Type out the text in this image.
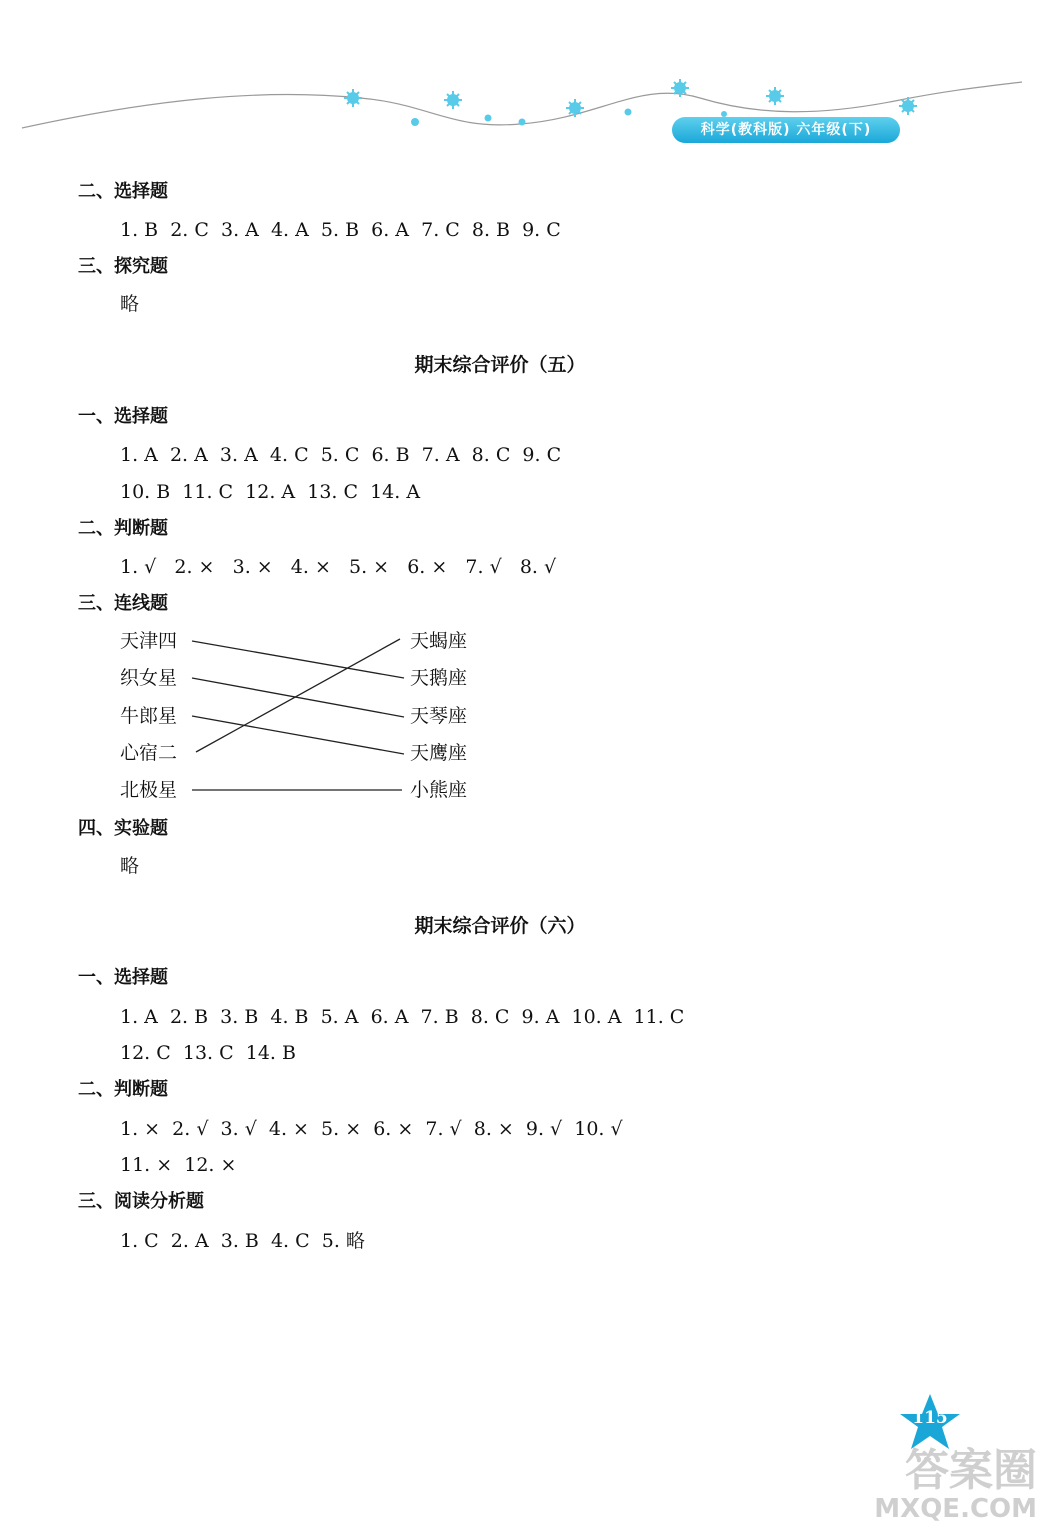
科学(教科版) 六年级(下)
二、选择题
1. B  2. C  3. A  4. A  5. B  6. A  7. C  8. B  9. C
三、探究题
略
期末综合评价（五）
一、选择题
1. A  2. A  3. A  4. C  5. C  6. B  7. A  8. C  9. C
10. B  11. C  12. A  13. C  14. A
二、判断题
1. √   2. ×   3. ×   4. ×   5. ×   6. ×   7. √   8. √
三、连线题
天津四
织女星
牛郎星
心宿二
北极星
天蝎座
天鹅座
天琴座
天鹰座
小熊座
四、实验题
略
期末综合评价（六）
一、选择题
1. A  2. B  3. B  4. B  5. A  6. A  7. B  8. C  9. A  10. A  11. C
12. C  13. C  14. B
二、判断题
1. ×  2. √  3. √  4. ×  5. ×  6. ×  7. √  8. ×  9. √  10. √
11. ×  12. ×
三、阅读分析题
1. C  2. A  3. B  4. C  5. 略
115
答案圈
MXQE.COM
